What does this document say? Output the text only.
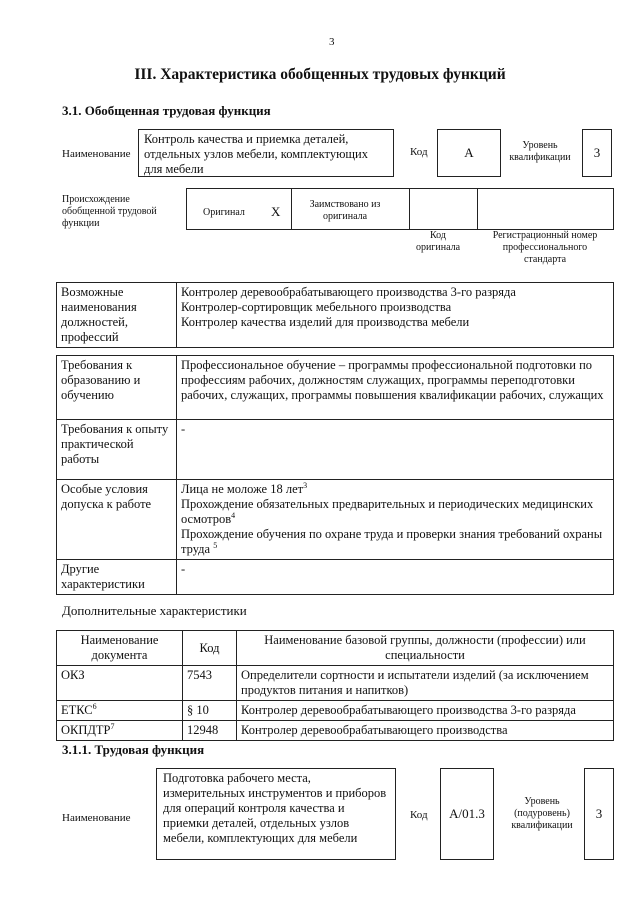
3
III. Характеристика обобщенных трудовых функций
3.1. Обобщенная трудовая функция
Наименование
Контроль качества и приемка деталей, отдельных узлов мебели, комплектующих для мебели
Код	A	Уровень квалификации	3
Происхождение обобщенной трудовой функции
Оригинал X	Заимствовано из оригинала
Код оригинала
Регистрационный номер профессионального стандарта
Возможные наименования должностей, профессий	
Контролер деревообрабатывающего производства 3-го разряда
Контролер-сортировщик мебельного производства
Контролер качества изделий для производства мебели
Требования к образованию и обучению	Профессиональное обучение – программы профессиональной подготовки по профессиям рабочих, должностям служащих, программы переподготовки рабочих, служащих, программы повышения квалификации рабочих, служащих
Требования к опыту практической работы	-
Особые условия допуска к работе	Лица не моложе 18 лет$^3$
Прохождение обязательных предварительных и периодических медицинских осмотров$^4$
Прохождение обучения по охране труда и проверки знания требований охраны труда $^5$

Другие характеристики	-
Дополнительные характеристики
Наименование документа	Код	Наименование базовой группы, должности (профессии) или специальности
ОКЗ	7543	Определители сортности и испытатели изделий (за исключением продуктов питания и напитков)
ЕТКС$^6$	§ 10	Контролер деревообрабатывающего производства 3-го разряда
ОКПДТР$^7$	12948	Контролер деревообрабатывающего производства
3.1.1. Трудовая функция
Наименование
Подготовка рабочего места, измерительных инструментов и приборов для операций контроля качества и приемки деталей, отдельных узлов мебели, комплектующих для мебели
Код	A/01.3
Уровень (подуровень) квалификации
3
